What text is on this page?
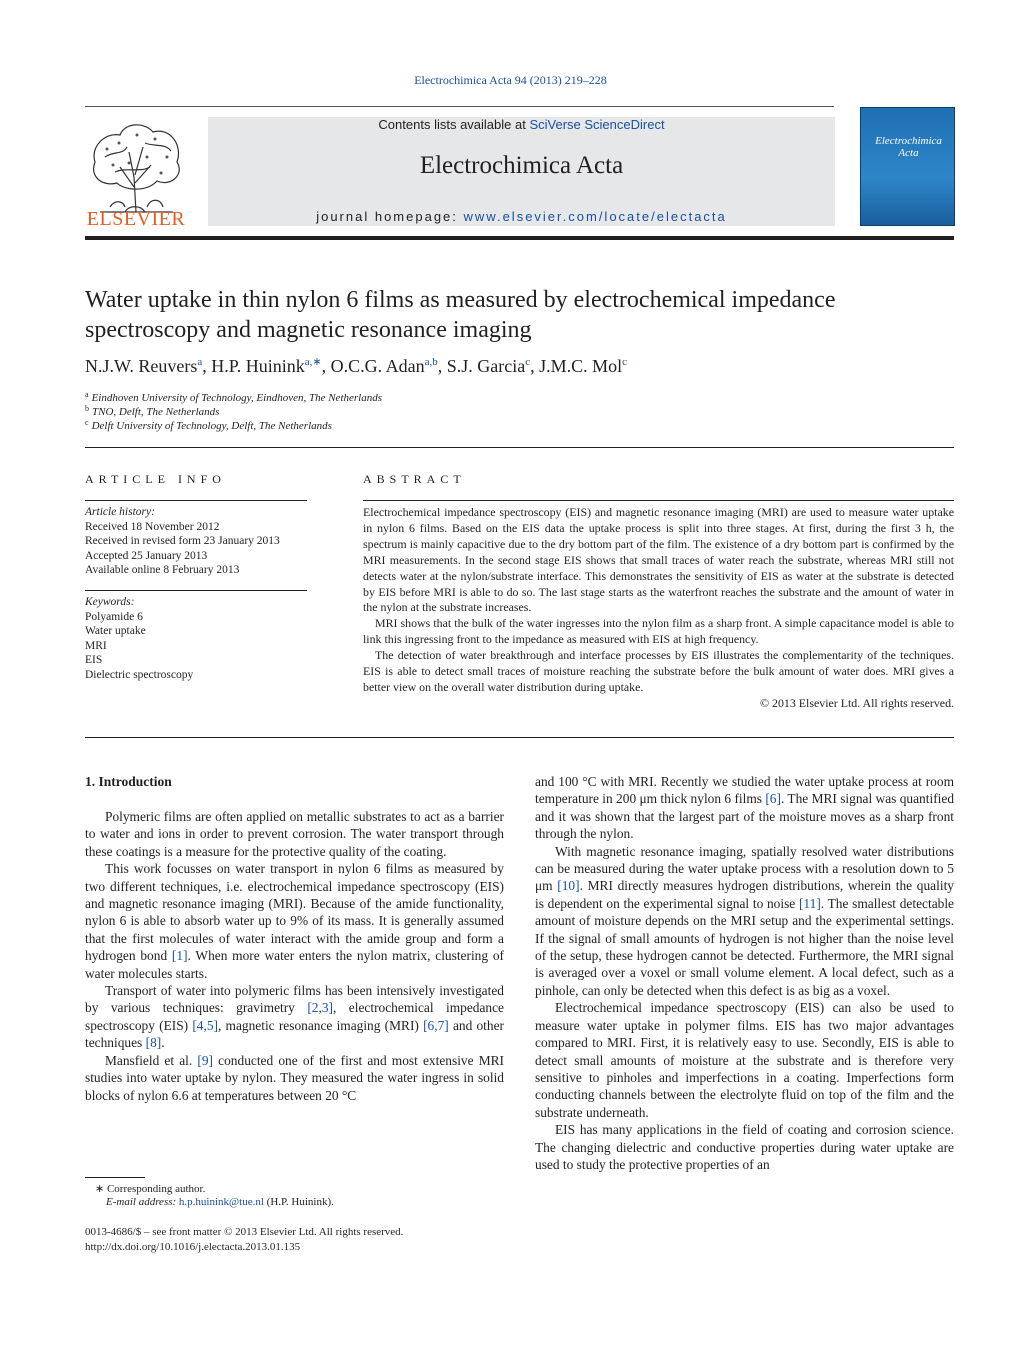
Electrochimica Acta 94 (2013) 219–228
ELSEVIER
Contents lists available at SciVerse ScienceDirect
Electrochimica Acta
journal homepage: www.elsevier.com/locate/electacta
Electrochimica Acta
Water uptake in thin nylon 6 films as measured by electrochemical impedance
spectroscopy and magnetic resonance imaging
N.J.W. Reuvers$^a$, H.P. Huinink$^{a,∗}$, O.C.G. Adan$^{a,b}$, S.J. Garcia$^c$, J.M.C. Mol$^c$
$^a$ Eindhoven University of Technology, Eindhoven, The Netherlands
$^b$ TNO, Delft, The Netherlands
$^c$ Delft University of Technology, Delft, The Netherlands
ARTICLE INFO
Article history:
Received 18 November 2012
Received in revised form 23 January 2013
Accepted 25 January 2013
Available online 8 February 2013
Keywords:
Polyamide 6
Water uptake
MRI
EIS
Dielectric spectroscopy
ABSTRACT

Electrochemical impedance spectroscopy (EIS) and magnetic resonance imaging (MRI) are used to measure water uptake in nylon 6 films. Based on the EIS data the uptake process is split into three stages. At first, during the first 3 h, the spectrum is mainly capacitive due to the dry bottom part of the film. The existence of a dry bottom part is confirmed by the MRI measurements. In the second stage EIS shows that small traces of water reach the substrate, whereas MRI still not detects water at the nylon/substrate interface. This demonstrates the sensitivity of EIS as water at the substrate is detected by EIS before MRI is able to do so. The last stage starts as the waterfront reaches the substrate and the amount of water in the nylon at the substrate increases.

MRI shows that the bulk of the water ingresses into the nylon film as a sharp front. A simple capacitance model is able to link this ingressing front to the impedance as measured with EIS at high frequency.

The detection of water breakthrough and interface processes by EIS illustrates the complementarity of the techniques. EIS is able to detect small traces of moisture reaching the substrate before the bulk amount of water does. MRI gives a better view on the overall water distribution during uptake.

© 2013 Elsevier Ltd. All rights reserved.
1. Introduction

Polymeric films are often applied on metallic substrates to act as a barrier to water and ions in order to prevent corrosion. The water transport through these coatings is a measure for the protective quality of the coating.

This work focusses on water transport in nylon 6 films as measured by two different techniques, i.e. electrochemical impedance spectroscopy (EIS) and magnetic resonance imaging (MRI). Because of the amide functionality, nylon 6 is able to absorb water up to 9% of its mass. It is generally assumed that the first molecules of water interact with the amide group and form a hydrogen bond [1]. When more water enters the nylon matrix, clustering of water molecules starts.

Transport of water into polymeric films has been intensively investigated by various techniques: gravimetry [2,3], electrochemical impedance spectroscopy (EIS) [4,5], magnetic resonance imaging (MRI) [6,7] and other techniques [8].

Mansfield et al. [9] conducted one of the first and most extensive MRI studies into water uptake by nylon. They measured the water ingress in solid blocks of nylon 6.6 at temperatures between 20 °C

and 100 °C with MRI. Recently we studied the water uptake process at room temperature in 200 μm thick nylon 6 films [6]. The MRI signal was quantified and it was shown that the largest part of the moisture moves as a sharp front through the nylon.

With magnetic resonance imaging, spatially resolved water distributions can be measured during the water uptake process with a resolution down to 5 μm [10]. MRI directly measures hydrogen distributions, wherein the quality is dependent on the experimental signal to noise [11]. The smallest detectable amount of moisture depends on the MRI setup and the experimental settings. If the signal of small amounts of hydrogen is not higher than the noise level of the setup, these hydrogen cannot be detected. Furthermore, the MRI signal is averaged over a voxel or small volume element. A local defect, such as a pinhole, can only be detected when this defect is as big as a voxel.

Electrochemical impedance spectroscopy (EIS) can also be used to measure water uptake in polymer films. EIS has two major advantages compared to MRI. First, it is relatively easy to use. Secondly, EIS is able to detect small amounts of moisture at the substrate and is therefore very sensitive to pinholes and imperfections in a coating. Imperfections form conducting channels between the electrolyte fluid on top of the film and the substrate underneath.

EIS has many applications in the field of coating and corrosion science. The changing dielectric and conductive properties during water uptake are used to study the protective properties of an

∗ Corresponding author.
E-mail address: h.p.huinink@tue.nl (H.P. Huinink).
0013-4686/$ – see front matter © 2013 Elsevier Ltd. All rights reserved.
http://dx.doi.org/10.1016/j.electacta.2013.01.135
